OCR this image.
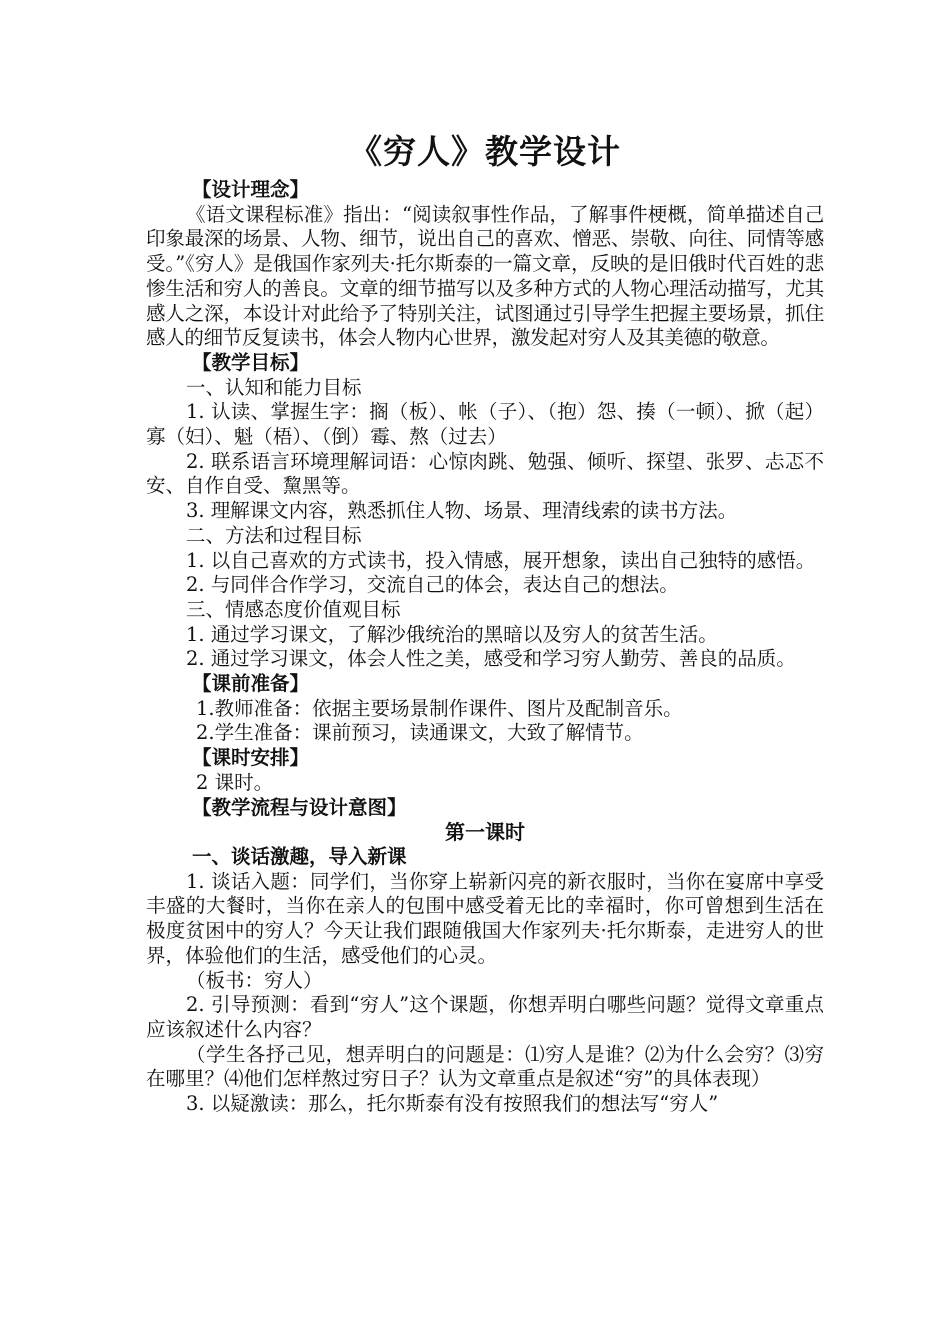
《穷人》教学设计

【设计理念】

《语文课程标准》指出：“阅读叙事性作品，了解事件梗概，简单描述自己印象最深的场景、人物、细节，说出自己的喜欢、憎恶、崇敬、向往、同情等感受。”《穷人》是俄国作家列夫·托尔斯泰的一篇文章，反映的是旧俄时代百姓的悲惨生活和穷人的善良。文章的细节描写以及多种方式的人物心理活动描写，尤其感人之深，本设计对此给予了特别关注，试图通过引导学生把握主要场景，抓住感人的细节反复读书，体会人物内心世界，激发起对穷人及其美德的敬意。

【教学目标】

一、认知和能力目标

1. 认读、掌握生字：搁（板）、帐（子）、（抱）怨、揍（一顿）、掀（起）寡（妇）、魁（梧）、（倒）霉、熬（过去）

2. 联系语言环境理解词语：心惊肉跳、勉强、倾听、探望、张罗、忐忑不安、自作自受、黧黑等。

3. 理解课文内容，熟悉抓住人物、场景、理清线索的读书方法。

二、方法和过程目标

1. 以自己喜欢的方式读书，投入情感，展开想象，读出自己独特的感悟。

2. 与同伴合作学习，交流自己的体会，表达自己的想法。

三、情感态度价值观目标

1. 通过学习课文，了解沙俄统治的黑暗以及穷人的贫苦生活。

2. 通过学习课文，体会人性之美，感受和学习穷人勤劳、善良的品质。

【课前准备】

1.教师准备：依据主要场景制作课件、图片及配制音乐。

2.学生准备：课前预习，读通课文，大致了解情节。

【课时安排】

2 课时。

【教学流程与设计意图】

第一课时

一、谈话激趣，导入新课

1. 谈话入题：同学们，当你穿上崭新闪亮的新衣服时，当你在宴席中享受丰盛的大餐时，当你在亲人的包围中感受着无比的幸福时，你可曾想到生活在极度贫困中的穷人？今天让我们跟随俄国大作家列夫·托尔斯泰，走进穷人的世界，体验他们的生活，感受他们的心灵。

（板书：穷人）

2. 引导预测：看到“穷人”这个课题，你想弄明白哪些问题？觉得文章重点应该叙述什么内容？

（学生各抒己见，想弄明白的问题是：⑴穷人是谁？⑵为什么会穷？⑶穷在哪里？⑷他们怎样熬过穷日子？认为文章重点是叙述“穷”的具体表现）

3. 以疑激读：那么，托尔斯泰有没有按照我们的想法写“穷人”
